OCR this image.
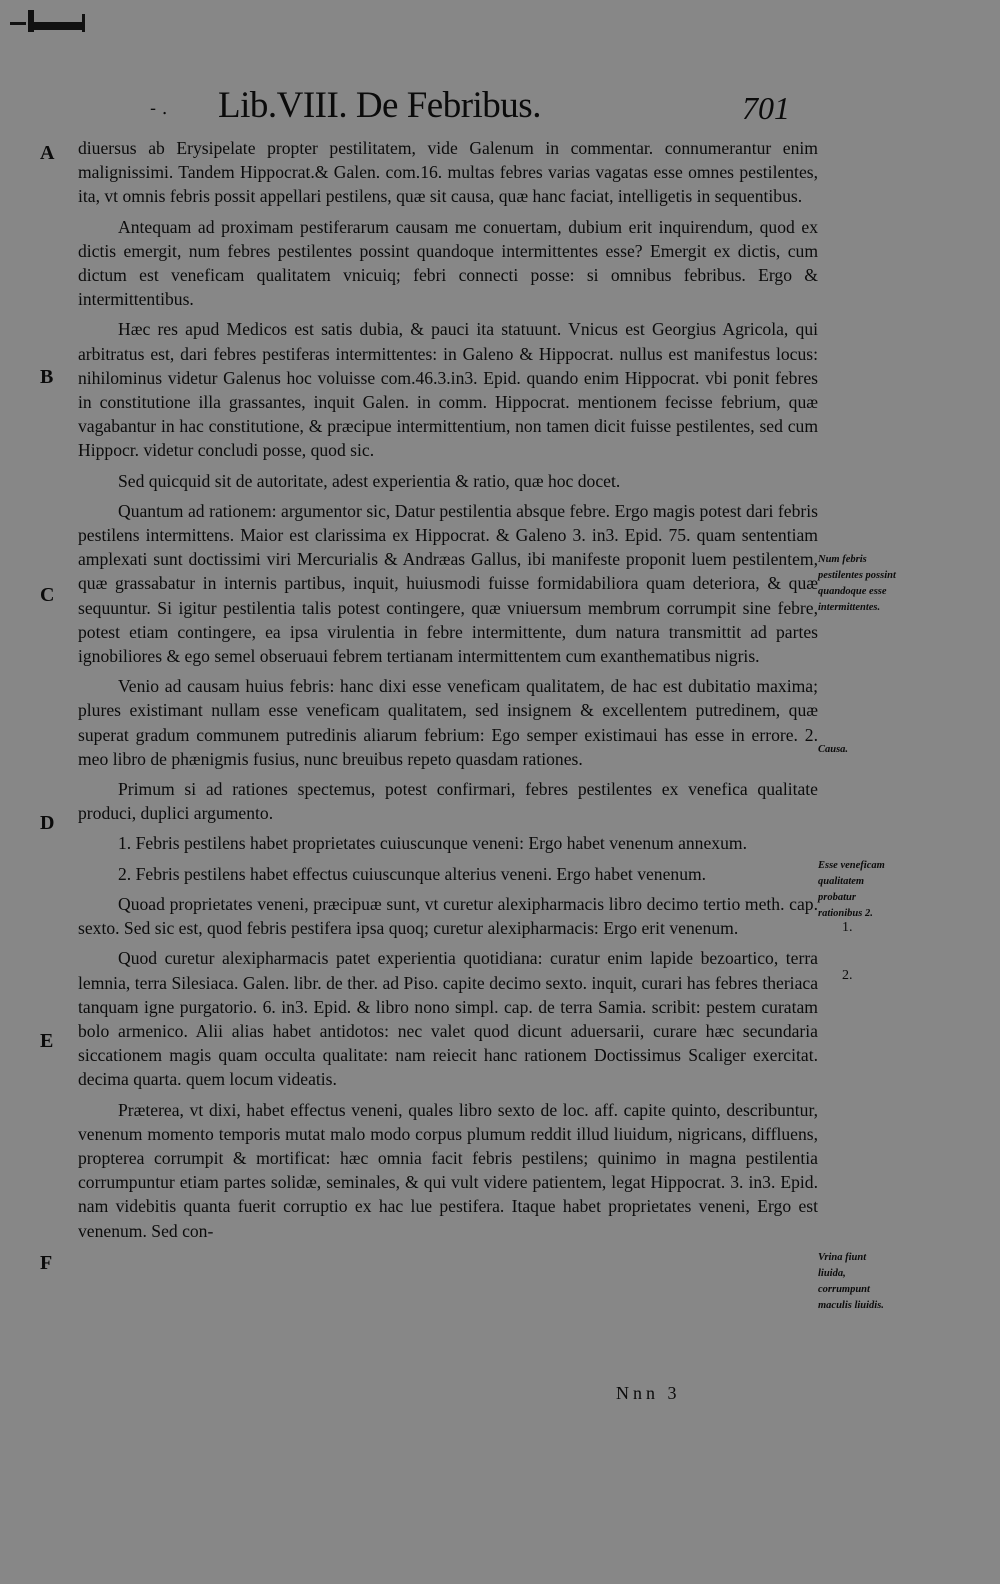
- . Lib.VIII. De Febribus.	701
A
B
C
D
E
F

diuersus ab Erysipelate propter pestilitatem, vide Galenum in commentar. connumerantur enim malignissimi. Tandem Hippocrat.& Galen. com.16. multas febres varias vagatas esse omnes pestilentes, ita, vt omnis febris possit appellari pestilens, quæ sit causa, quæ hanc faciat, intelligetis in sequentibus.

Antequam ad proximam pestiferarum causam me conuertam, dubium erit inquirendum, quod ex dictis emergit, num febres pestilentes possint quandoque intermittentes esse? Emergit ex dictis, cum dictum est veneficam qualitatem vnicuiq; febri connecti posse: si omnibus febribus. Ergo & intermittentibus.

Hæc res apud Medicos est satis dubia, & pauci ita statuunt. Vnicus est Georgius Agricola, qui arbitratus est, dari febres pestiferas intermittentes: in Galeno & Hippocrat. nullus est manifestus locus: nihilominus videtur Galenus hoc voluisse com.46.3.in3. Epid. quando enim Hippocrat. vbi ponit febres in constitutione illa grassantes, inquit Galen. in comm. Hippocrat. mentionem fecisse febrium, quæ vagabantur in hac constitutione, & præcipue intermittentium, non tamen dicit fuisse pestilentes, sed cum Hippocr. videtur concludi posse, quod sic.

Sed quicquid sit de autoritate, adest experientia & ratio, quæ hoc docet.

Quantum ad rationem: argumentor sic, Datur pestilentia absque febre. Ergo magis potest dari febris pestilens intermittens. Maior est clarissima ex Hippocrat. & Galeno 3. in3. Epid. 75. quam sententiam amplexati sunt doctissimi viri Mercurialis & Andræas Gallus, ibi manifeste proponit luem pestilentem, quæ grassabatur in internis partibus, inquit, huiusmodi fuisse formidabiliora quam deteriora, & quæ sequuntur. Si igitur pestilentia talis potest contingere, quæ vniuersum membrum corrumpit sine febre, potest etiam contingere, ea ipsa virulentia in febre intermittente, dum natura transmittit ad partes ignobiliores & ego semel obseruaui febrem tertianam intermittentem cum exanthematibus nigris.

Venio ad causam huius febris: hanc dixi esse veneficam qualitatem, de hac est dubitatio maxima; plures existimant nullam esse veneficam qualitatem, sed insignem & excellentem putredinem, quæ superat gradum communem putredinis aliarum febrium: Ego semper existimaui has esse in errore. 2. meo libro de phænigmis fusius, nunc breuibus repeto quasdam rationes.

Primum si ad rationes spectemus, potest confirmari, febres pestilentes ex venefica qualitate produci, duplici argumento.

1. Febris pestilens habet proprietates cuiuscunque veneni: Ergo habet venenum annexum.

2. Febris pestilens habet effectus cuiuscunque alterius veneni. Ergo habet venenum.

Quoad proprietates veneni, præcipuæ sunt, vt curetur alexipharmacis libro decimo tertio meth. cap. sexto. Sed sic est, quod febris pestifera ipsa quoq; curetur alexipharmacis: Ergo erit venenum.

Quod curetur alexipharmacis patet experientia quotidiana: curatur enim lapide bezoartico, terra lemnia, terra Silesiaca. Galen. libr. de ther. ad Piso. capite decimo sexto. inquit, curari has febres theriaca tanquam igne purgatorio. 6. in3. Epid. & libro nono simpl. cap. de terra Samia. scribit: pestem curatam bolo armenico. Alii alias habet antidotos: nec valet quod dicunt aduersarii, curare hæc secundaria siccationem magis quam occulta qualitate: nam reiecit hanc rationem Doctissimus Scaliger exercitat. decima quarta. quem locum videatis.

Præterea, vt dixi, habet effectus veneni, quales libro sexto de loc. aff. capite quinto, describuntur, venenum momento temporis mutat malo modo corpus plumum reddit illud liuidum, nigricans, diffluens, propterea corrumpit & mortificat: hæc omnia facit febris pestilens; quinimo in magna pestilentia corrumpuntur etiam partes solidæ, seminales, & qui vult videre patientem, legat Hippocrat. 3. in3. Epid. nam videbitis quanta fuerit corruptio ex hac lue pestifera. Itaque habet proprietates veneni, Ergo est venenum. Sed con-

Num febris pestilentes possint quandoque esse intermittentes.
Causa.
Esse veneficam qualitatem probatur rationibus 2.
1.
2.
Vrina fiunt liuida, corrumpunt maculis liuidis.
Nnn 3
